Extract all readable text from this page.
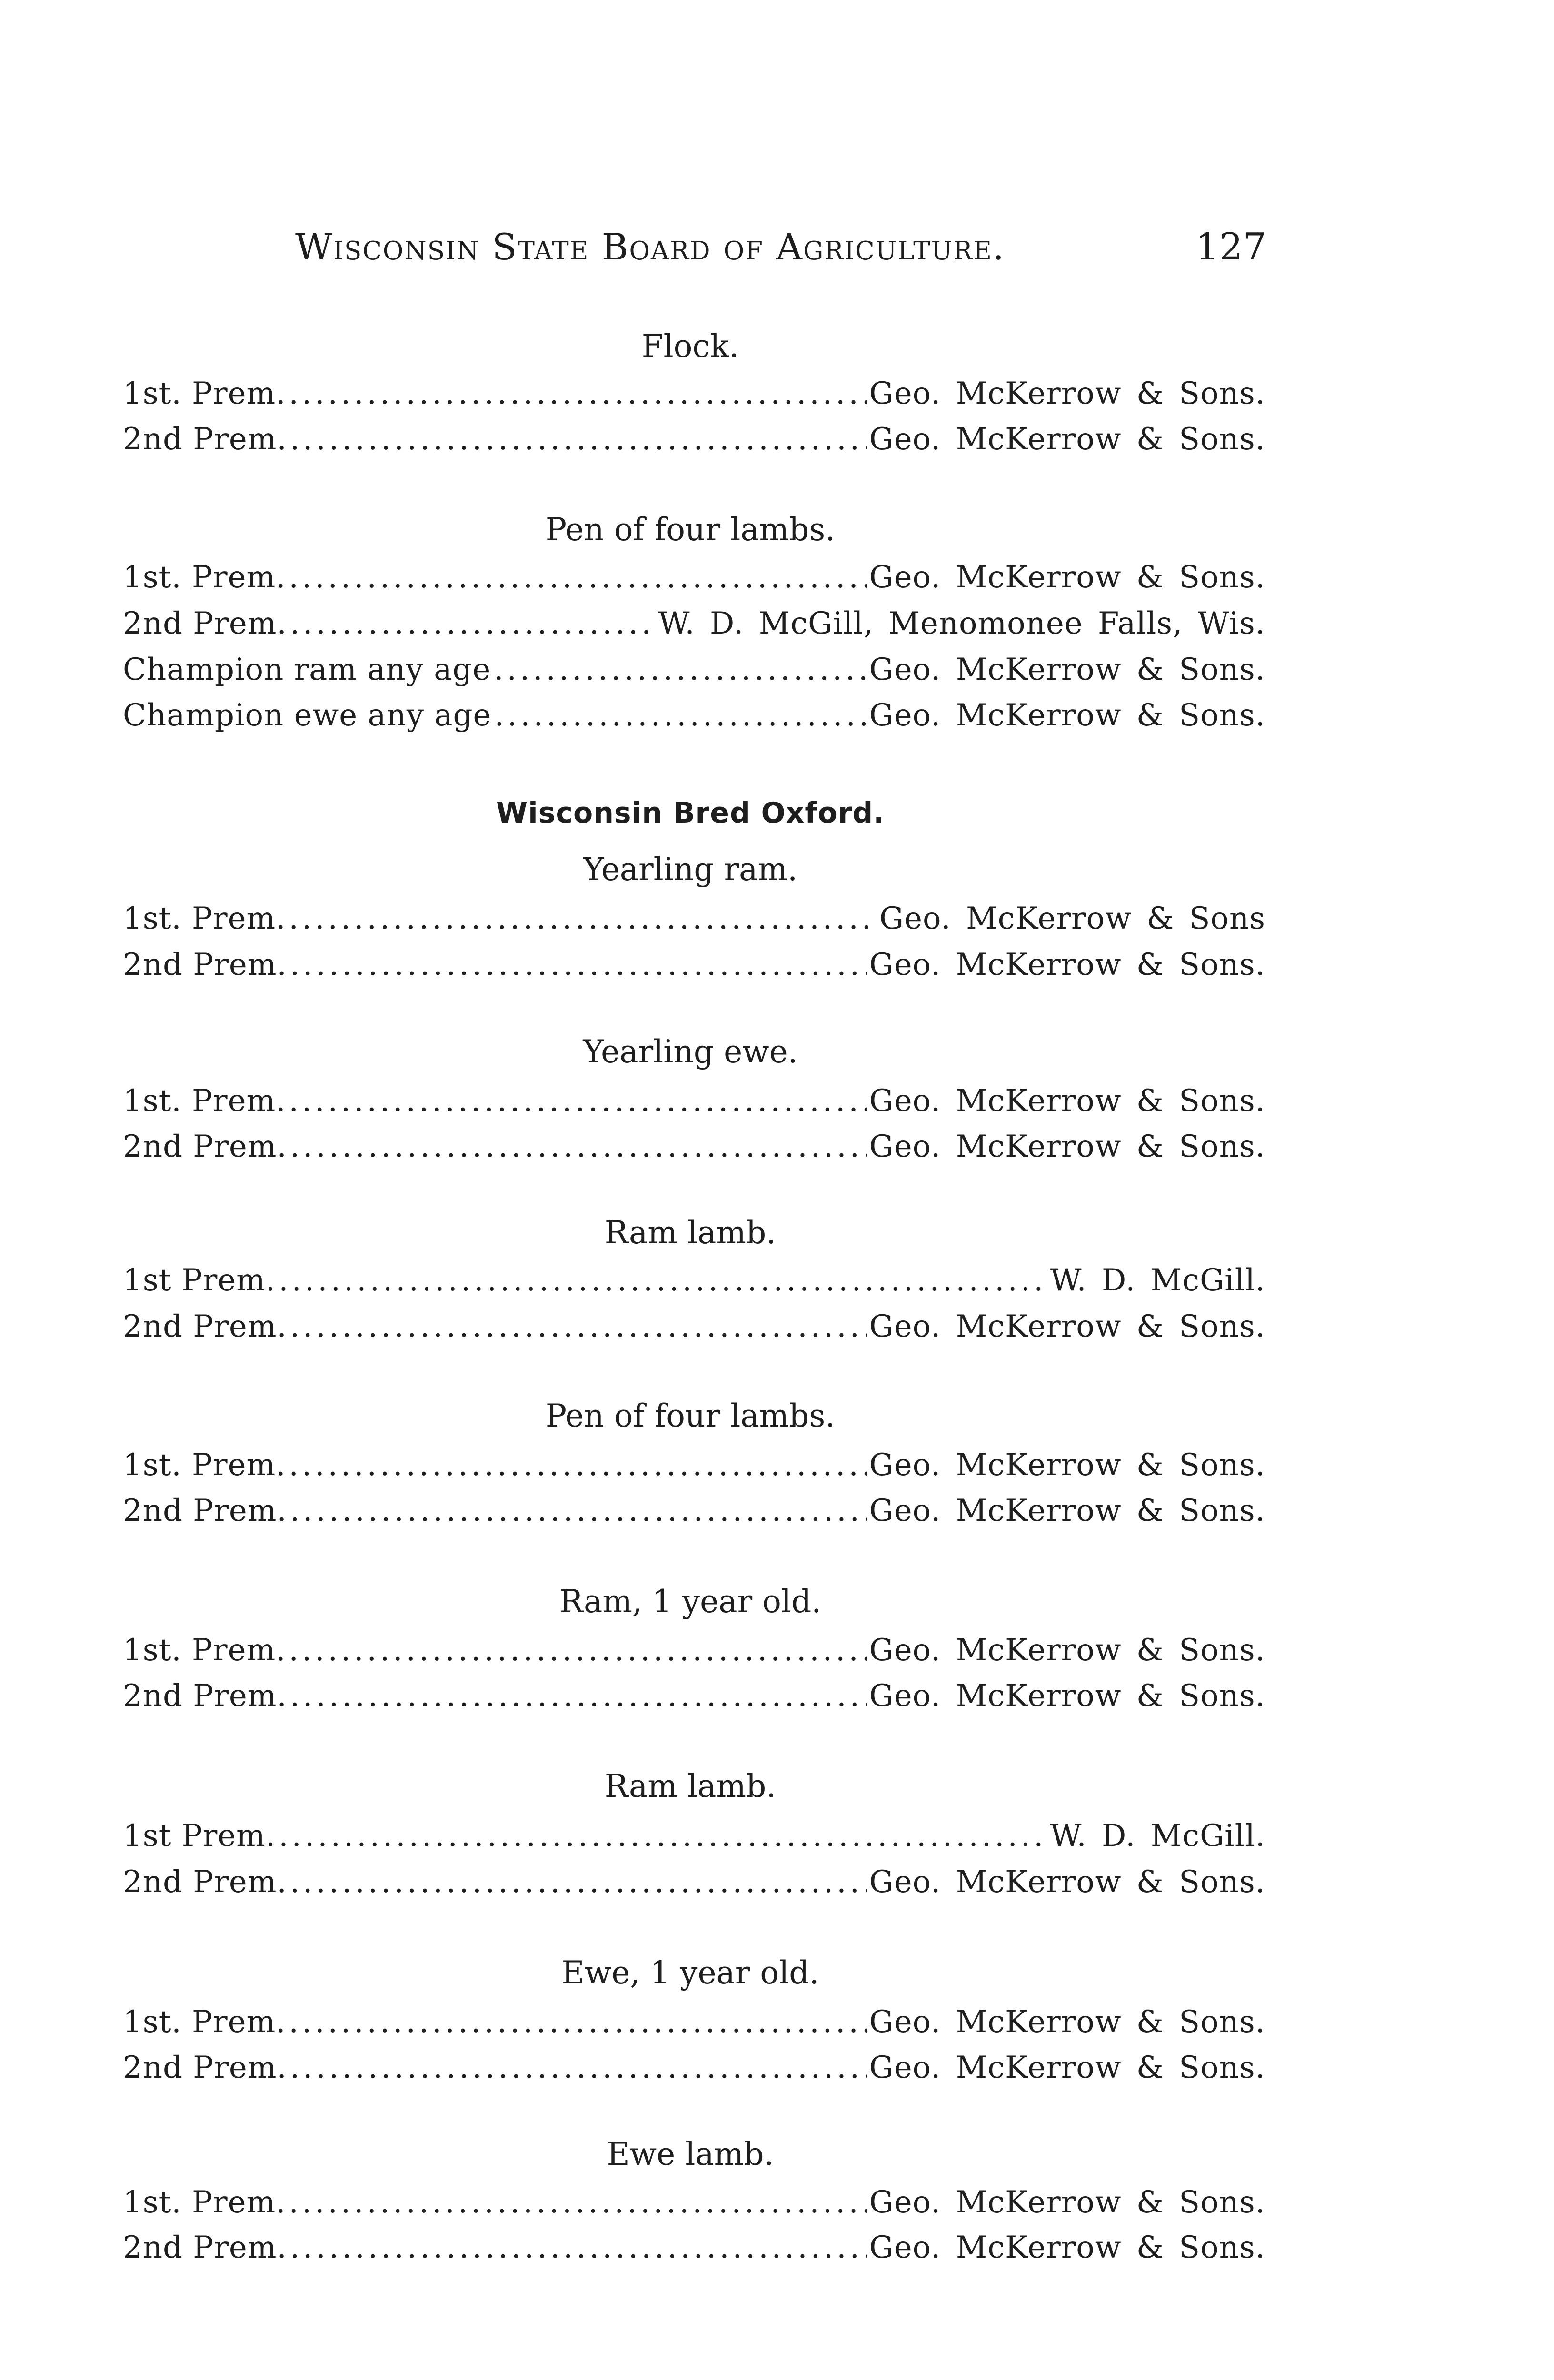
Wisconsin State Board of Agriculture.	127
Flock.
1st. Prem. .....	Geo. McKerrow & Sons.
2nd Prem. .....	Geo. McKerrow & Sons.
Pen of four lambs.
1st. Prem. .....	Geo. McKerrow & Sons.
2nd Prem. .....	W. D. McGill, Menomonee Falls, Wis.
Champion ram any age .....	Geo. McKerrow & Sons.
Champion ewe any age .....	Geo. McKerrow & Sons.
Wisconsin Bred Oxford.
Yearling ram.
1st. Prem. .....	Geo. McKerrow & Sons
2nd Prem. .....	Geo. McKerrow & Sons.
Yearling ewe.
1st. Prem. .....	Geo. McKerrow & Sons.
2nd Prem. .....	Geo. McKerrow & Sons.
Ram lamb.
1st Prem. .....	W. D. McGill.
2nd Prem. .....	Geo. McKerrow & Sons.
Pen of four lambs.
1st. Prem. .....	Geo. McKerrow & Sons.
2nd Prem. .....	Geo. McKerrow & Sons.
Ram, 1 year old.
1st. Prem. .....	Geo. McKerrow & Sons.
2nd Prem. .....	Geo. McKerrow & Sons.
Ram lamb.
1st Prem. .....	W. D. McGill.
2nd Prem. .....	Geo. McKerrow & Sons.
Ewe, 1 year old.
1st. Prem. .....	Geo. McKerrow & Sons.
2nd Prem. .....	Geo. McKerrow & Sons.
Ewe lamb.
1st. Prem. .....	Geo. McKerrow & Sons.
2nd Prem. .....	Geo. McKerrow & Sons.
